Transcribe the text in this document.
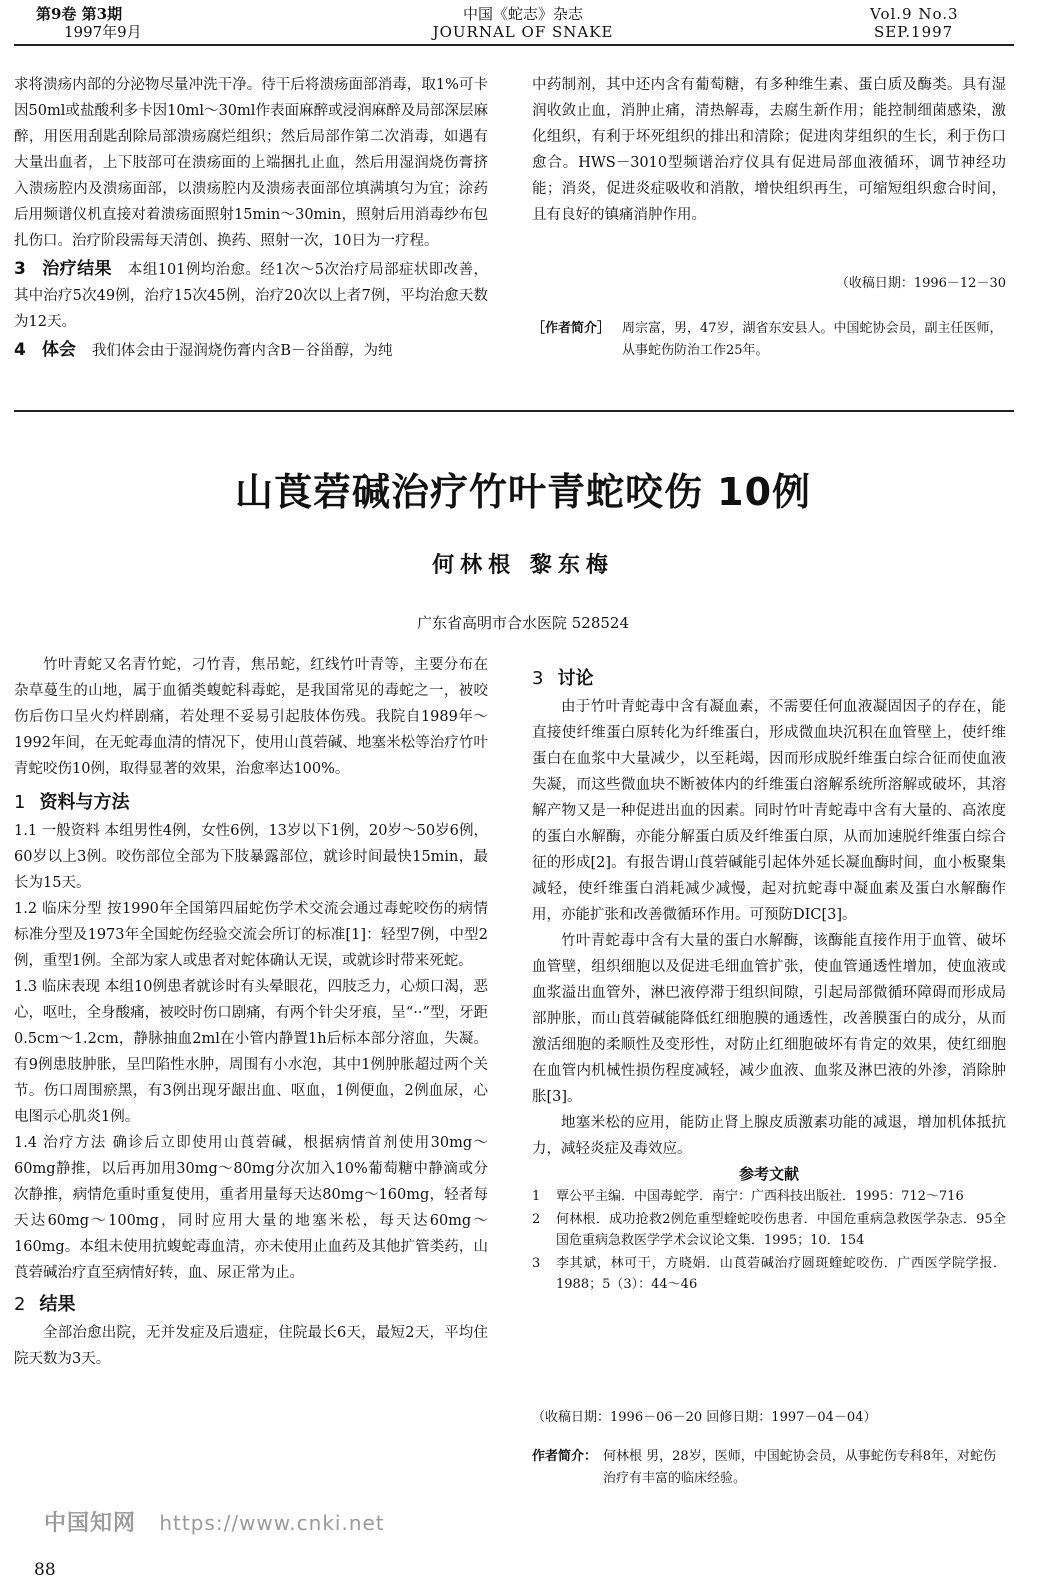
第9卷 第3期
1997年9月
中国《蛇志》杂志
JOURNAL OF SNAKE
Vol.9 No.3
SEP.1997

求将溃疡内部的分泌物尽量冲洗干净。待干后将溃疡面部消毒，取1%可卡因50ml或盐酸利多卡因10ml～30ml作表面麻醉或浸润麻醉及局部深层麻醉，用医用刮匙刮除局部溃疡腐烂组织；然后局部作第二次消毒，如遇有大量出血者，上下肢部可在溃疡面的上端捆扎止血，然后用湿润烧伤膏挤入溃疡腔内及溃疡面部，以溃疡腔内及溃疡表面部位填满填匀为宜；涂药后用频谱仪机直接对着溃疡面照射15min～30min，照射后用消毒纱布包扎伤口。治疗阶段需每天清创、换药、照射一次，10日为一疗程。

3 治疗结果 本组101例均治愈。经1次～5次治疗局部症状即改善，其中治疗5次49例，治疗15次45例，治疗20次以上者7例，平均治愈天数为12天。

4 体会 我们体会由于湿润烧伤膏内含B－谷甾醇，为纯

中药制剂，其中还内含有葡萄糖，有多种维生素、蛋白质及酶类。具有湿润收敛止血，消肿止痛，清热解毒，去腐生新作用；能控制细菌感染，激化组织，有利于坏死组织的排出和清除；促进肉芽组织的生长，利于伤口愈合。HWS－3010型频谱治疗仪具有促进局部血液循环，调节神经功能；消炎，促进炎症吸收和消散，增快组织再生，可缩短组织愈合时间，且有良好的镇痛消肿作用。

（收稿日期：1996－12－30
［作者简介］ 周宗富，男，47岁，湖省东安县人。中国蛇协会员，副主任医师，从事蛇伤防治工作25年。
山莨菪碱治疗竹叶青蛇咬伤 10例
何林根 黎东梅
广东省高明市合水医院 528524

竹叶青蛇又名青竹蛇，刁竹青，焦吊蛇，红线竹叶青等，主要分布在杂草蔓生的山地，属于血循类蝮蛇科毒蛇，是我国常见的毒蛇之一，被咬伤后伤口呈火灼样剧痛，若处理不妥易引起肢体伤残。我院自1989年～1992年间，在无蛇毒血清的情况下，使用山莨菪碱、地塞米松等治疗竹叶青蛇咬伤10例，取得显著的效果，治愈率达100%。

1 资料与方法

1.1 一般资料 本组男性4例，女性6例，13岁以下1例，20岁～50岁6例，60岁以上3例。咬伤部位全部为下肢暴露部位，就诊时间最快15min，最长为15天。

1.2 临床分型 按1990年全国第四届蛇伤学术交流会通过毒蛇咬伤的病情标准分型及1973年全国蛇伤经验交流会所订的标准[1]：轻型7例，中型2例，重型1例。全部为家人或患者对蛇体确认无误，或就诊时带来死蛇。

1.3 临床表现 本组10例患者就诊时有头晕眼花，四肢乏力，心烦口渴，恶心，呕吐，全身酸痛，被咬时伤口剧痛，有两个针尖牙痕，呈“··”型，牙距0.5cm～1.2cm，静脉抽血2ml在小管内静置1h后标本部分溶血，失凝。有9例患肢肿胀，呈凹陷性水肿，周围有小水泡，其中1例肿胀超过两个关节。伤口周围瘀黑，有3例出现牙龈出血、呕血，1例便血，2例血尿，心电图示心肌炎1例。

1.4 治疗方法 确诊后立即使用山莨菪碱，根据病情首剂使用30mg～60mg静推，以后再加用30mg～80mg分次加入10%葡萄糖中静滴或分次静推，病情危重时重复使用，重者用量每天达80mg～160mg，轻者每天达60mg～100mg，同时应用大量的地塞米松，每天达60mg～160mg。本组未使用抗蝮蛇毒血清，亦未使用止血药及其他扩管类药，山莨菪碱治疗直至病情好转，血、尿正常为止。

2 结果

全部治愈出院，无并发症及后遗症，住院最长6天，最短2天，平均住院天数为3天。

3 讨论

由于竹叶青蛇毒中含有凝血素，不需要任何血液凝固因子的存在，能直接使纤维蛋白原转化为纤维蛋白，形成微血块沉积在血管壁上，使纤维蛋白在血浆中大量减少，以至耗竭，因而形成脱纤维蛋白综合征而使血液失凝，而这些微血块不断被体内的纤维蛋白溶解系统所溶解或破坏，其溶解产物又是一种促进出血的因素。同时竹叶青蛇毒中含有大量的、高浓度的蛋白水解酶，亦能分解蛋白质及纤维蛋白原，从而加速脱纤维蛋白综合征的形成[2]。有报告谓山莨菪碱能引起体外延长凝血酶时间，血小板聚集减轻，使纤维蛋白消耗减少减慢，起对抗蛇毒中凝血素及蛋白水解酶作用，亦能扩张和改善微循环作用。可预防DIC[3]。

竹叶青蛇毒中含有大量的蛋白水解酶，该酶能直接作用于血管、破坏血管壁，组织细胞以及促进毛细血管扩张，使血管通透性增加，使血液或血浆溢出血管外，淋巴液停滞于组织间隙，引起局部微循环障碍而形成局部肿胀，而山莨菪碱能降低红细胞膜的通透性，改善膜蛋白的成分，从而激活细胞的柔顺性及变形性，对防止红细胞破坏有肯定的效果，使红细胞在血管内机械性损伤程度减轻，减少血液、血浆及淋巴液的外渗，消除肿胀[3]。

地塞米松的应用，能防止肾上腺皮质激素功能的减退，增加机体抵抗力，减轻炎症及毒效应。

参考文献

1	覃公平主编．中国毒蛇学．南宁：广西科技出版社．1995：712～716
2	何林根．成功抢救2例危重型蝰蛇咬伤患者．中国危重病急救医学杂志．95全国危重病急救医学学术会议论文集．1995；10．154
3	李其斌，林可干，方晓娟．山莨菪碱治疗圆斑蝰蛇咬伤．广西医学院学报．1988；5（3）：44～46
（收稿日期：1996－06－20 回修日期：1997－04－04）
作者简介： 何林根 男，28岁，医师，中国蛇协会员，从事蛇伤专科8年，对蛇伤治疗有丰富的临床经验。
中国知网 https://www.cnki.net
88
